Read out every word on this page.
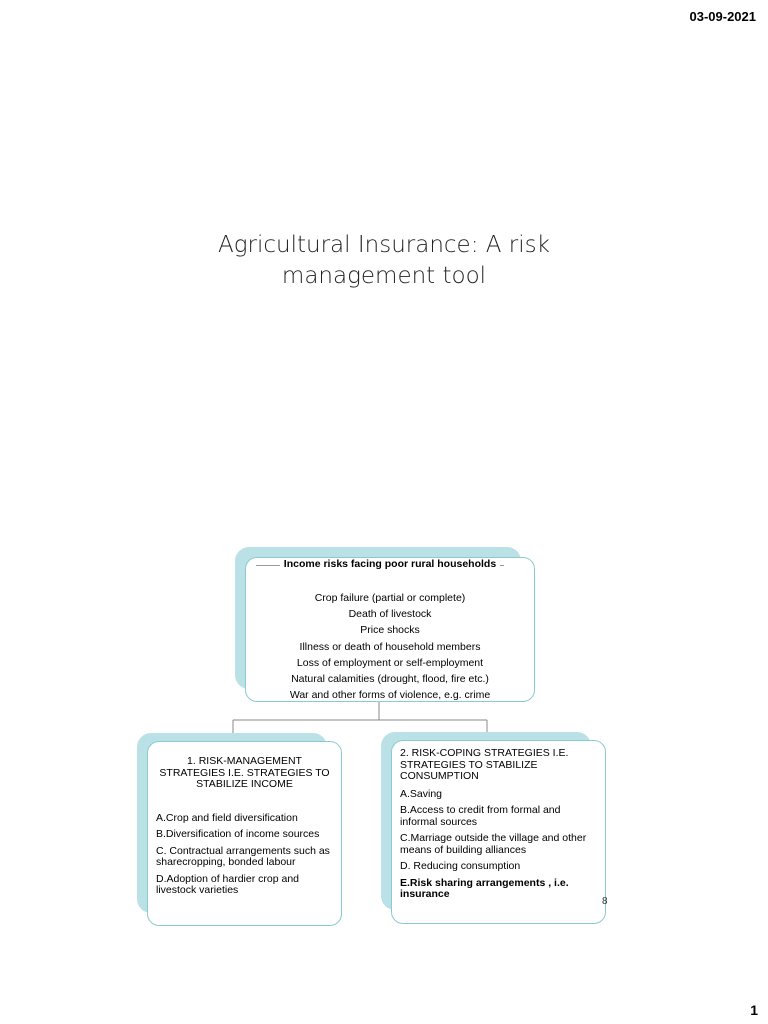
03-09-2021
Agricultural Insurance: A risk
management tool
Income risks facing poor rural households
Crop failure (partial or complete)
Death of livestock
Price shocks
Illness or death of household members
Loss of employment or self-employment
Natural calamities (drought, flood, fire etc.)
War and other forms of violence, e.g. crime

1. RISK-MANAGEMENT STRATEGIES I.E. STRATEGIES TO STABILIZE INCOME

A.Crop and field diversification
B.Diversification of income sources
C. Contractual arrangements such as sharecropping, bonded labour
D.Adoption of hardier crop and livestock varieties

2. RISK-COPING STRATEGIES I.E. STRATEGIES TO STABILIZE CONSUMPTION

A.Saving
B.Access to credit from formal and informal sources
C.Marriage outside the village and other means of building alliances
D. Reducing consumption
E.Risk sharing arrangements , i.e. insurance
8
1
